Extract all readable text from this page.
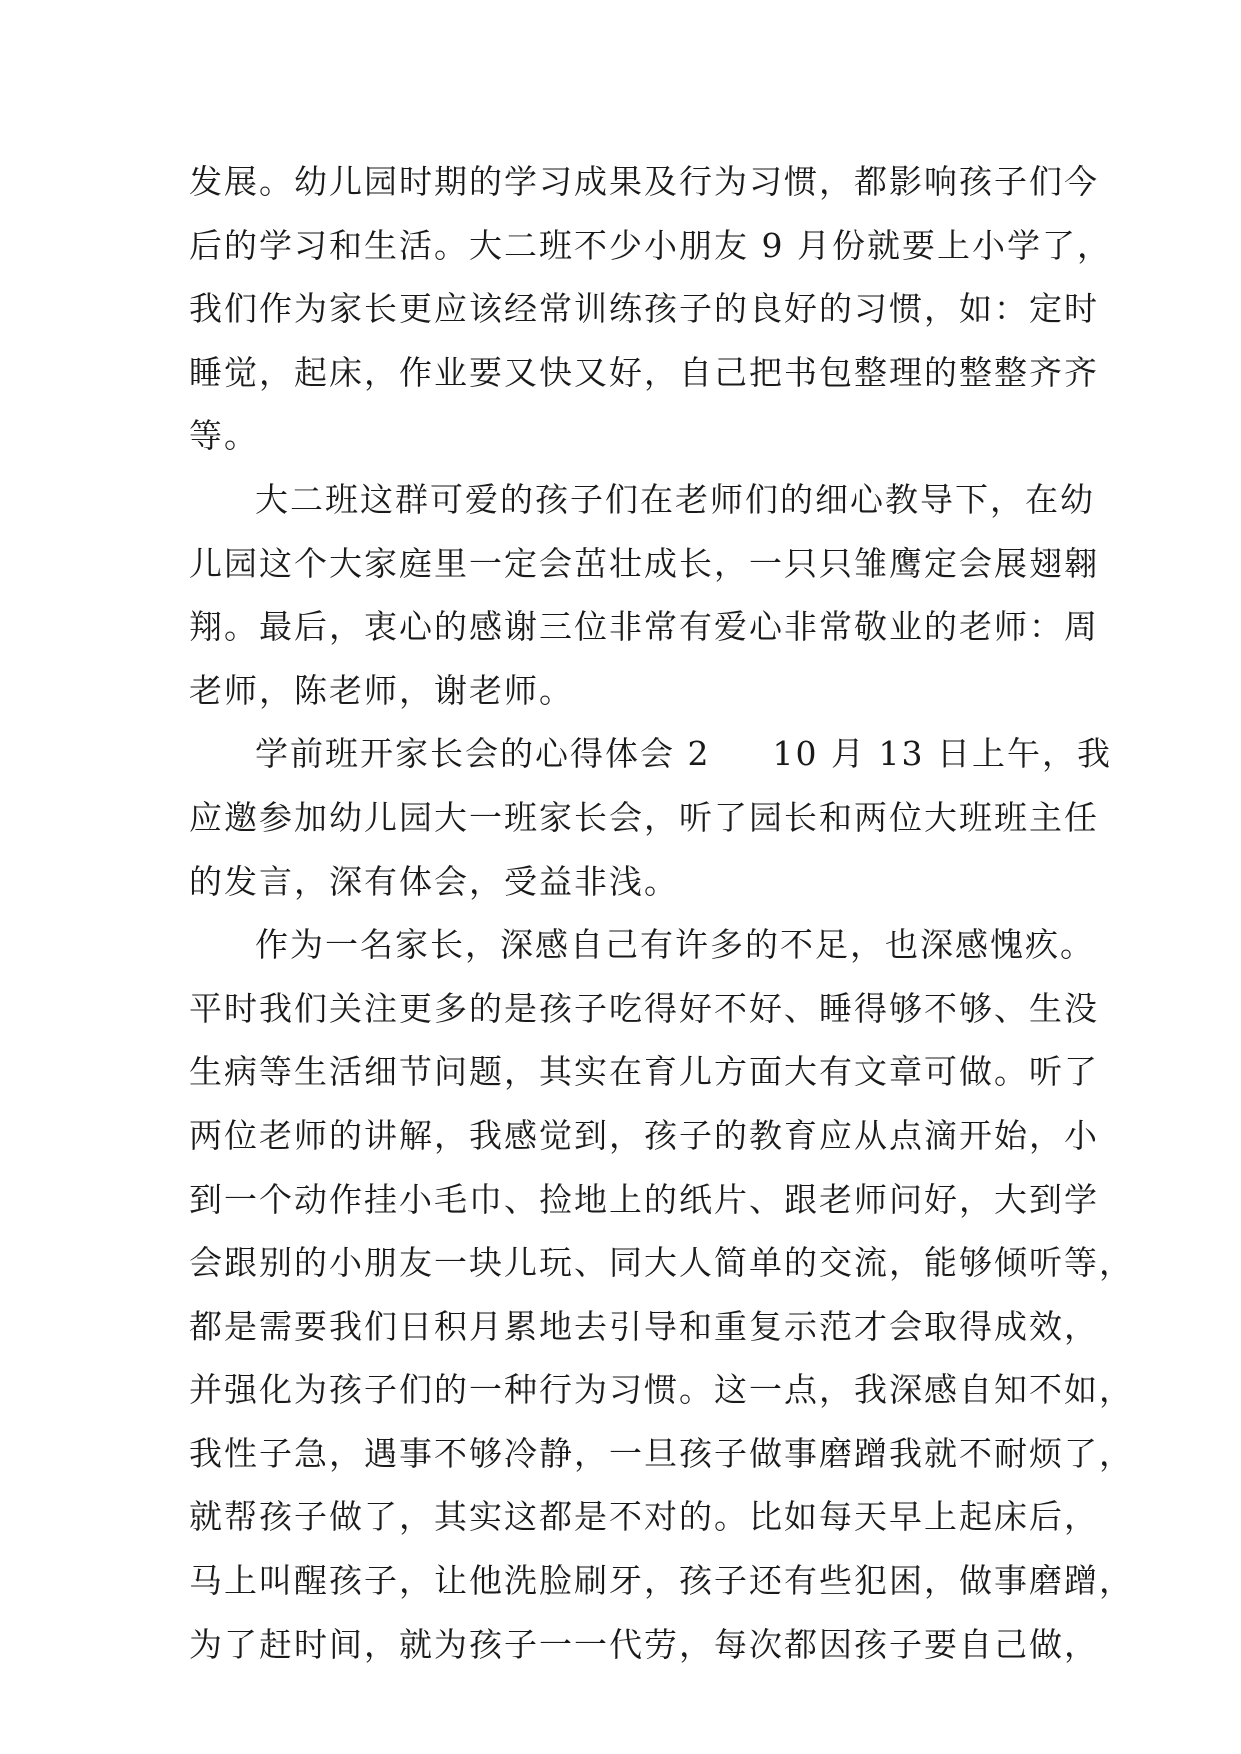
发展。幼儿园时期的学习成果及行为习惯，都影响孩子们今
后的学习和生活。大二班不少小朋友 9 月份就要上小学了，
我们作为家长更应该经常训练孩子的良好的习惯，如：定时
睡觉，起床，作业要又快又好，自己把书包整理的整整齐齐
等。
大二班这群可爱的孩子们在老师们的细心教导下，在幼
儿园这个大家庭里一定会茁壮成长，一只只雏鹰定会展翅翱
翔。最后，衷心的感谢三位非常有爱心非常敬业的老师：周
老师，陈老师，谢老师。
学前班开家长会的心得体会 2 10 月 13 日上午，我
应邀参加幼儿园大一班家长会，听了园长和两位大班班主任
的发言，深有体会，受益非浅。
作为一名家长，深感自己有许多的不足，也深感愧疚。
平时我们关注更多的是孩子吃得好不好、睡得够不够、生没
生病等生活细节问题，其实在育儿方面大有文章可做。听了
两位老师的讲解，我感觉到，孩子的教育应从点滴开始，小
到一个动作挂小毛巾、捡地上的纸片、跟老师问好，大到学
会跟别的小朋友一块儿玩、同大人简单的交流，能够倾听等，
都是需要我们日积月累地去引导和重复示范才会取得成效，
并强化为孩子们的一种行为习惯。这一点，我深感自知不如，
我性子急，遇事不够冷静，一旦孩子做事磨蹭我就不耐烦了，
就帮孩子做了，其实这都是不对的。比如每天早上起床后，
马上叫醒孩子，让他洗脸刷牙，孩子还有些犯困，做事磨蹭，
为了赶时间，就为孩子一一代劳，每次都因孩子要自己做，
